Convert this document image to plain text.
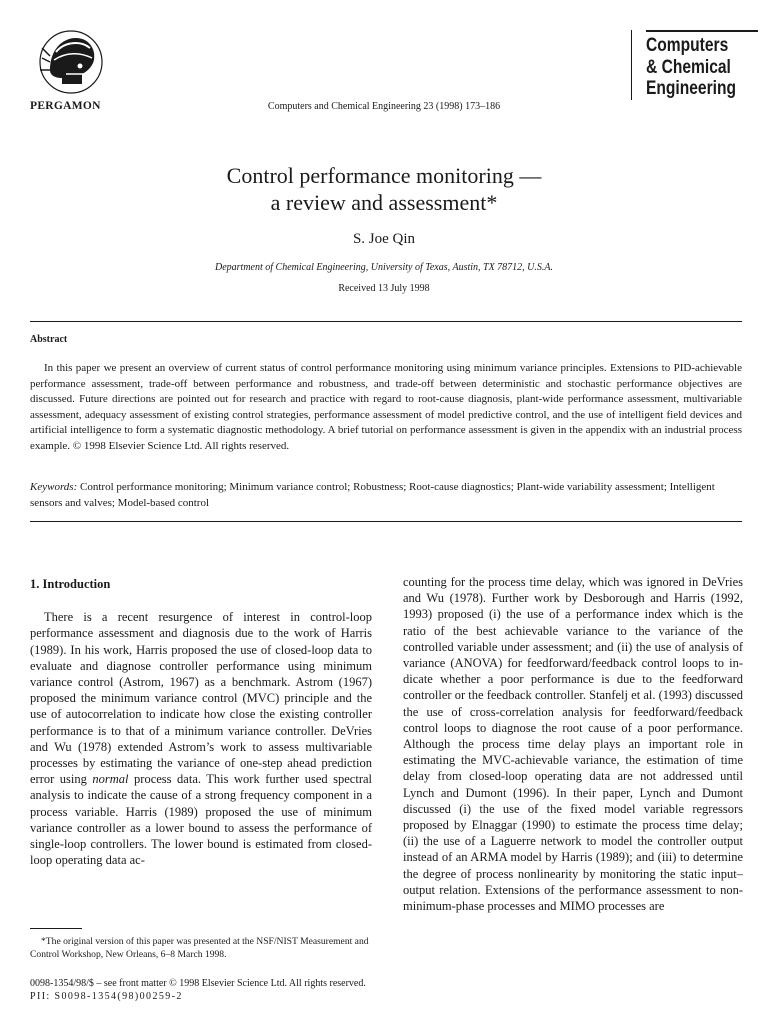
PERGAMON	Computers and Chemical Engineering 23 (1998) 173–186
Computers
& Chemical
Engineering
Control performance monitoring —
a review and assessment*
S. Joe Qin
Department of Chemical Engineering, University of Texas, Austin, TX 78712, U.S.A.
Received 13 July 1998
Abstract
In this paper we present an overview of current status of control performance monitoring using minimum variance principles. Extensions to PID-achievable performance assessment, trade-off between performance and robustness, and trade-off between deterministic and stochastic performance objectives are discussed. Future directions are pointed out for research and practice with regard to root-cause diagnosis, plant-wide performance assessment, multivariable assessment, adequacy assessment of existing control strategies, performance assessment of model predictive control, and the use of intelligent field devices and artificial intelligence to form a systematic diagnostic methodology. A brief tutorial on performance assessment is given in the appendix with an industrial process example. © 1998 Elsevier Science Ltd. All rights reserved.
Keywords: Control performance monitoring; Minimum variance control; Robustness; Root-cause diagnostics; Plant-wide variability assessment; Intelligent sensors and valves; Model-based control
1. Introduction

There is a recent resurgence of interest in control-loop performance assessment and diagnosis due to the work of Harris (1989). In his work, Harris proposed the use of closed-loop data to evaluate and diagnose controller performance using minimum variance control (Astrom, 1967) as a benchmark. Astrom (1967) proposed the minimum variance control (MVC) principle and the use of autocorrelation to indicate how close the existing controller performance is to that of a minimum variance controller. DeVries and Wu (1978) extended Astrom’s work to assess multivariable processes by estimating the variance of one-step ahead prediction error using normal process data. This work further used spectral analysis to indicate the cause of a strong frequency component in a process variable. Harris (1989) proposed the use of minimum variance controller as a lower bound to assess the performance of single-loop controllers. The lower bound is estimated from closed-loop operating data ac-

counting for the process time delay, which was ignored in DeVries and Wu (1978). Further work by Desborough and Harris (1992, 1993) proposed (i) the use of a performance index which is the ratio of the best achievable variance to the variance of the controlled variable under assessment; and (ii) the use of analysis of variance (ANOVA) for feedforward/feedback control loops to indicate whether a poor performance is due to the feedforward controller or the feedback controller. Stanfelj et al. (1993) discussed the use of cross-correlation analysis for feedforward/feedback control loops to diagnose the root cause of a poor performance. Although the process time delay plays an important role in estimating the MVC-achievable variance, the estimation of time delay from closed-loop operating data are not addressed until Lynch and Dumont (1996). In their paper, Lynch and Dumont discussed (i) the use of the fixed model variable regressors proposed by Elnaggar (1990) to estimate the process time delay; (ii) the use of a Laguerre network to model the controller output instead of an ARMA model by Harris (1989); and (iii) to determine the degree of process nonlinearity by monitoring the static input–output relation. Extensions of the performance assessment to non-minimum-phase processes and MIMO processes are

*The original version of this paper was presented at the NSF/NIST Measurement and Control Workshop, New Orleans, 6–8 March 1998.
0098-1354/98/$ – see front matter © 1998 Elsevier Science Ltd. All rights reserved.
PII: S0098-1354(98)00259-2
